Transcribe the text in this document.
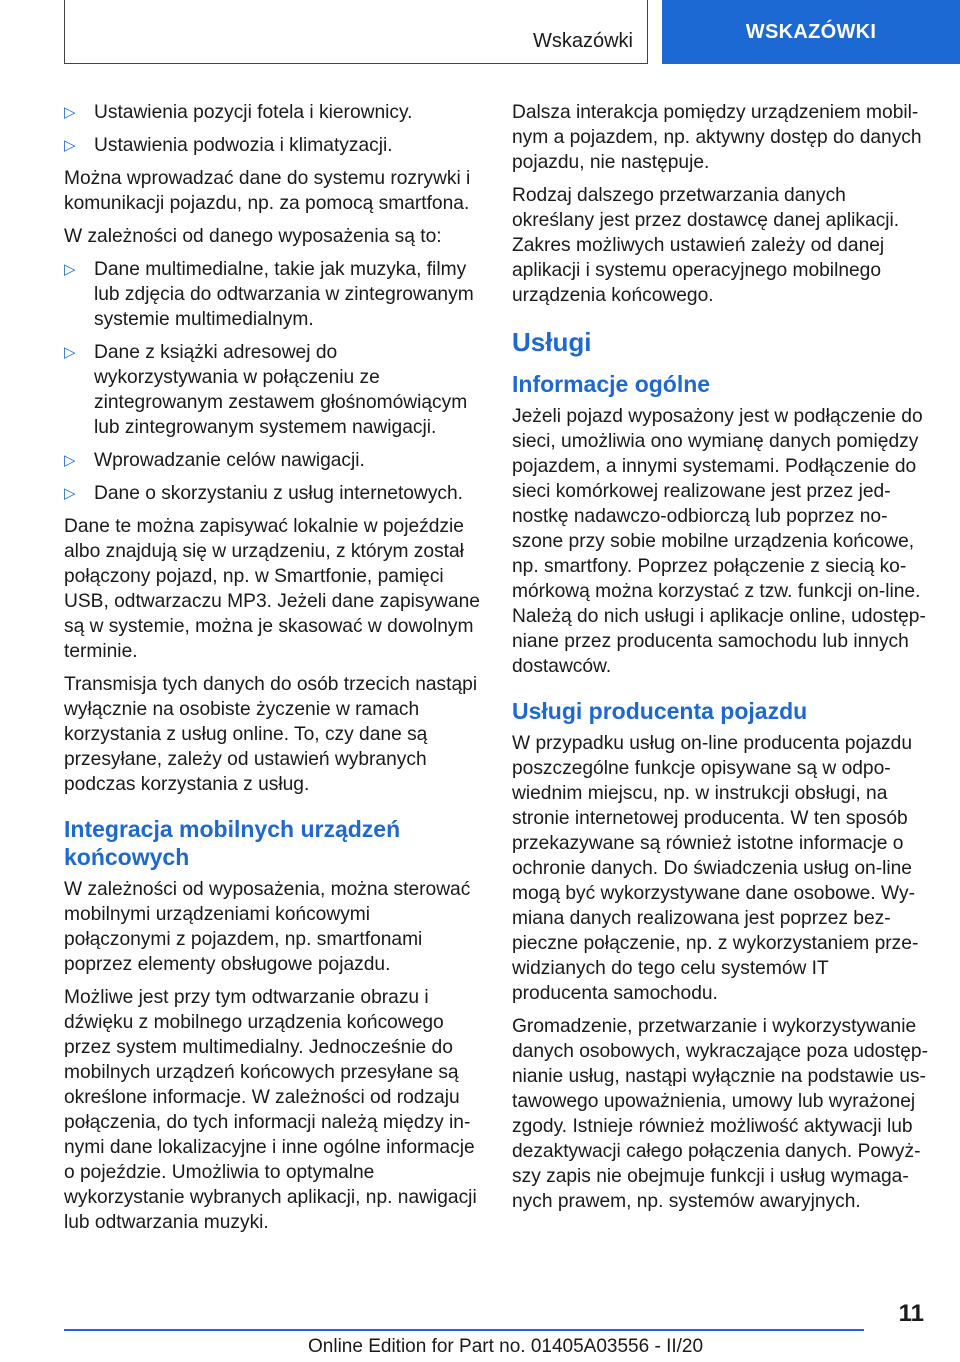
Wskazówki	WSKAZÓWKI
▷ Ustawienia pozycji fotela i kierownicy.
▷ Ustawienia podwozia i klimatyzacji.

Można wprowadzać dane do systemu rozrywki i komunikacji pojazdu, np. za pomocą smartfona.

W zależności od danego wyposażenia są to:

▷ Dane multimedialne, takie jak muzyka, filmy lub zdjęcia do odtwarzania w zintegrowanym systemie multimedialnym.
▷ Dane z książki adresowej do wykorzystywania w połączeniu ze zintegrowanym zestawem głośnomówiącym lub zintegrowanym systemem nawigacji.
▷ Wprowadzanie celów nawigacji.
▷ Dane o skorzystaniu z usług internetowych.

Dane te można zapisywać lokalnie w pojeździe albo znajdują się w urządzeniu, z którym został połączony pojazd, np. w Smartfonie, pamięci USB, odtwarzaczu MP3. Jeżeli dane zapisywane są w systemie, można je skasować w dowolnym terminie.

Transmisja tych danych do osób trzecich nastąpi wyłącznie na osobiste życzenie w ramach korzystania z usług online. To, czy dane są przesyłane, zależy od ustawień wybranych podczas korzystania z usług.

Integracja mobilnych urządzeń końcowych

W zależności od wyposażenia, można sterować mobilnymi urządzeniami końcowymi połączonymi z pojazdem, np. smartfonami poprzez elementy obsługowe pojazdu.

Możliwe jest przy tym odtwarzanie obrazu i dźwięku z mobilnego urządzenia końcowego przez system multimedialny. Jednocześnie do mobilnych urządzeń końcowych przesyłane są określone informacje. W zależności od rodzaju połączenia, do tych informacji należą między innymi dane lokalizacyjne i inne ogólne informacje o pojeździe. Umożliwia to optymalne wykorzystanie wybranych aplikacji, np. nawigacji lub odtwarzania muzyki.

Dalsza interakcja pomiędzy urządzeniem mobilnym a pojazdem, np. aktywny dostęp do danych pojazdu, nie następuje.

Rodzaj dalszego przetwarzania danych określany jest przez dostawcę danej aplikacji. Zakres możliwych ustawień zależy od danej aplikacji i systemu operacyjnego mobilnego urządzenia końcowego.

Usługi
Informacje ogólne

Jeżeli pojazd wyposażony jest w podłączenie do sieci, umożliwia ono wymianę danych pomiędzy pojazdem, a innymi systemami. Podłączenie do sieci komórkowej realizowane jest przez jednostkę nadawczo-odbiorczą lub poprzez noszone przy sobie mobilne urządzenia końcowe, np. smartfony. Poprzez połączenie z siecią komórkową można korzystać z tzw. funkcji on-line. Należą do nich usługi i aplikacje online, udostępniane przez producenta samochodu lub innych dostawców.

Usługi producenta pojazdu

W przypadku usług on-line producenta pojazdu poszczególne funkcje opisywane są w odpowiednim miejscu, np. w instrukcji obsługi, na stronie internetowej producenta. W ten sposób przekazywane są również istotne informacje o ochronie danych. Do świadczenia usług on-line mogą być wykorzystywane dane osobowe. Wymiana danych realizowana jest poprzez bezpieczne połączenie, np. z wykorzystaniem przewidzianych do tego celu systemów IT producenta samochodu.

Gromadzenie, przetwarzanie i wykorzystywanie danych osobowych, wykraczające poza udostępnianie usług, nastąpi wyłącznie na podstawie ustawowego upoważnienia, umowy lub wyrażonej zgody. Istnieje również możliwość aktywacji lub dezaktywacji całego połączenia danych. Powyższy zapis nie obejmuje funkcji i usług wymaganych prawem, np. systemów awaryjnych.

11
Online Edition for Part no. 01405A03556 - II/20
